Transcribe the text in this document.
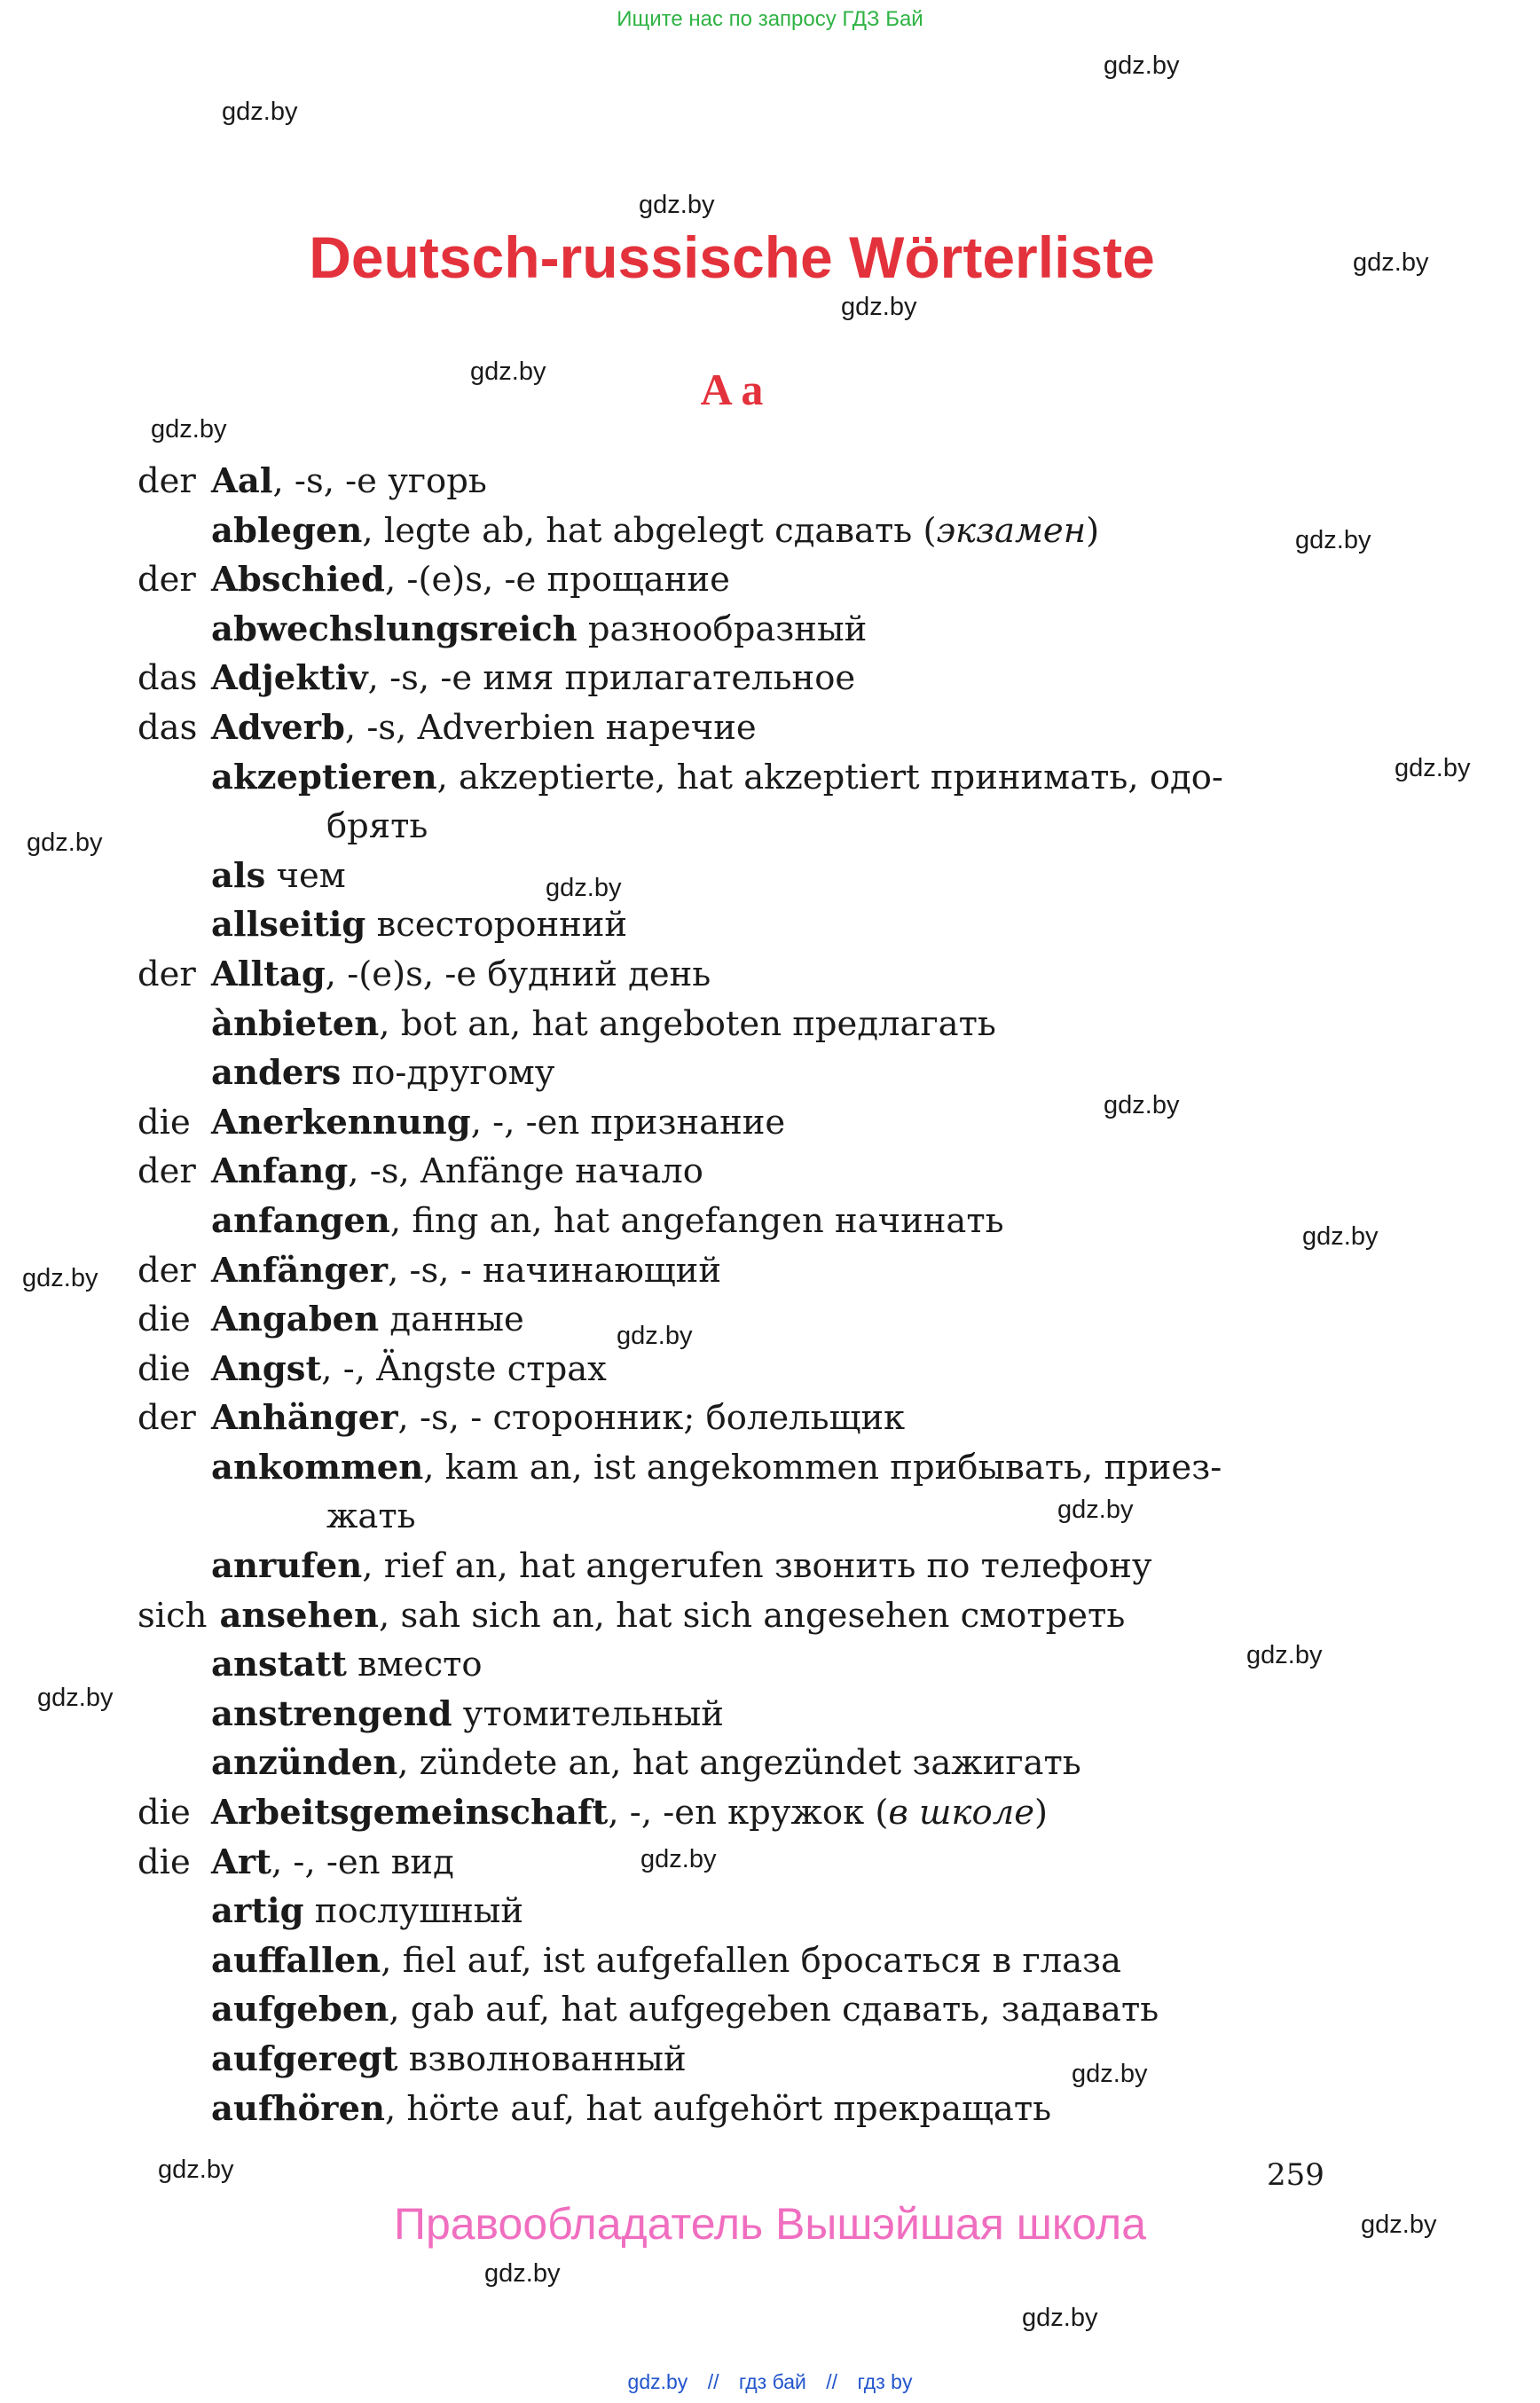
Ищите нас по запросу ГДЗ Бай
gdz.by
gdz.by
gdz.by
gdz.by
gdz.by
gdz.by
gdz.by
gdz.by
gdz.by
gdz.by
gdz.by
gdz.by
gdz.by
gdz.by
gdz.by
gdz.by
gdz.by
gdz.by
gdz.by
gdz.by
gdz.by
gdz.by
gdz.by
gdz.by
Deutsch-russische Wörterliste
A a
der Aal, -s, -e угорь
ablegen, legte ab, hat abgelegt сдавать (экзамен)
der Abschied, -(e)s, -e прощание
abwechslungsreich разнообразный
das Adjektiv, -s, -e имя прилагательное
das Adverb, -s, Adverbien наречие
akzeptieren, akzeptierte, hat akzeptiert принимать, одо-
брять
als чем
allseitig всесторонний
der Alltag, -(e)s, -e будний день
ànbieten, bot an, hat angeboten предлагать
anders по-другому
die Anerkennung, -, -en признание
der Anfang, -s, Anfänge начало
anfangen, fing an, hat angefangen начинать
der Anfänger, -s, - начинающий
die Angaben данные
die Angst, -, Ängste страх
der Anhänger, -s, - сторонник; болельщик
ankommen, kam an, ist angekommen прибывать, приез-
жать
anrufen, rief an, hat angerufen звонить по телефону
sich ansehen, sah sich an, hat sich angesehen смотреть
anstatt вместо
anstrengend утомительный
anzünden, zündete an, hat angezündet зажигать
die Arbeitsgemeinschaft, -, -en кружок (в школе)
die Art, -, -en вид
artig послушный
auffallen, fiel auf, ist aufgefallen бросаться в глаза
aufgeben, gab auf, hat aufgegeben сдавать, задавать
aufgeregt взволнованный
aufhören, hörte auf, hat aufgehört прекращать
259
Правообладатель Вышэйшая школа
gdz.by // гдз бай // гдз by
